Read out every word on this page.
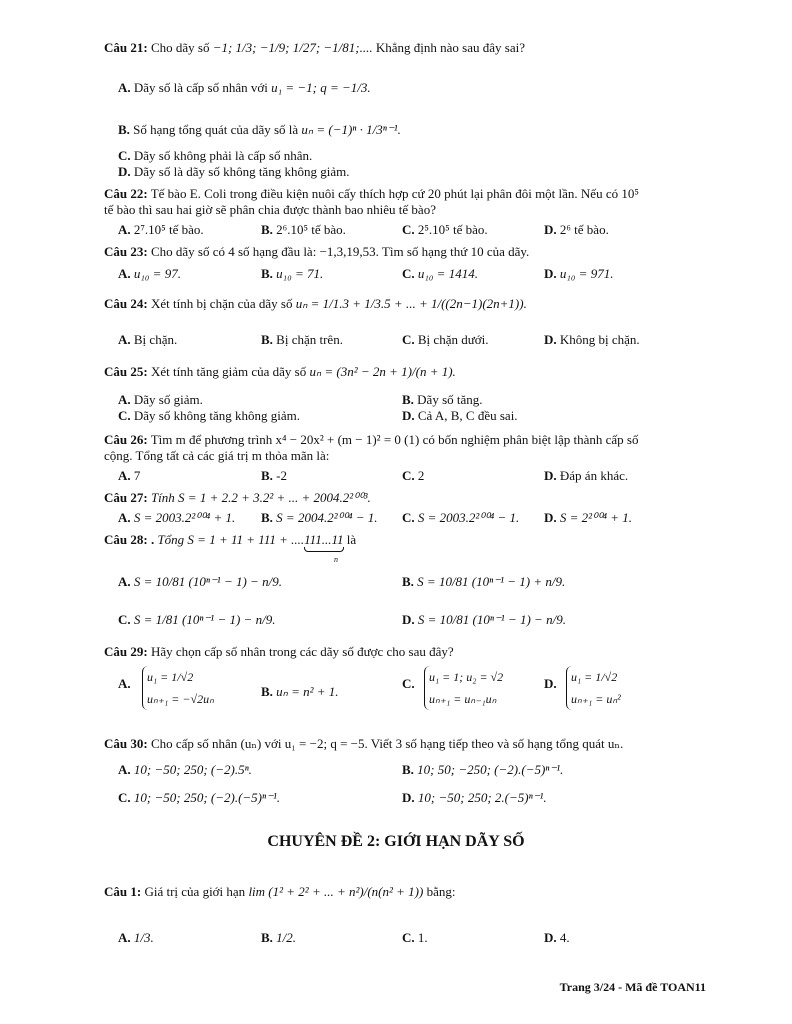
Câu 21: Cho dãy số −1; 1/3; −1/9; 1/27; −1/81;.... Khẳng định nào sau đây sai?
A. Dãy số là cấp số nhân với u₁ = −1; q = −1/3.
B. Số hạng tổng quát của dãy số là uₙ = (−1)ⁿ · 1/3ⁿ⁻¹.
C. Dãy số không phải là cấp số nhân.
D. Dãy số là dãy số không tăng không giảm.
Câu 22: Tế bào E. Coli trong điều kiện nuôi cấy thích hợp cứ 20 phút lại phân đôi một lần. Nếu có 10⁵
tế bào thì sau hai giờ sẽ phân chia được thành bao nhiêu tế bào?
A. 2⁷.10⁵ tế bào.	B. 2⁶.10⁵ tế bào.	C. 2⁵.10⁵ tế bào.	D. 2⁶ tế bào.
Câu 23: Cho dãy số có 4 số hạng đầu là: −1,3,19,53. Tìm số hạng thứ 10 của dãy.
A. u₁₀ = 97.	B. u₁₀ = 71.	C. u₁₀ = 1414.	D. u₁₀ = 971.
Câu 24: Xét tính bị chặn của dãy số uₙ = 1/1.3 + 1/3.5 + ... + 1/((2n−1)(2n+1)).
A. Bị chặn.	B. Bị chặn trên.	C. Bị chặn dưới.	D. Không bị chặn.
Câu 25: Xét tính tăng giảm của dãy số uₙ = (3n² − 2n + 1)/(n + 1).
A. Dãy số giảm.	B. Dãy số tăng.
C. Dãy số không tăng không giảm.	D. Cả A, B, C đều sai.
Câu 26: Tìm m để phương trình x⁴ − 20x² + (m − 1)² = 0 (1) có bốn nghiệm phân biệt lập thành cấp số
cộng. Tổng tất cả các giá trị m thỏa mãn là:
A. 7	B. -2	C. 2	D. Đáp án khác.
Câu 27: Tính S = 1 + 2.2 + 3.2² + ... + 2004.2²⁰⁰³.
A. S = 2003.2²⁰⁰⁴ + 1. B. S = 2004.2²⁰⁰⁴ − 1. C. S = 2003.2²⁰⁰⁴ − 1. D. S = 2²⁰⁰⁴ + 1.
Câu 28: . Tổng S = 1 + 11 + 111 + ....111...11 là
n
A. S = 10/81 (10ⁿ⁻¹ − 1) − n/9.	B. S = 10/81 (10ⁿ⁻¹ − 1) + n/9.
C. S = 1/81 (10ⁿ⁻¹ − 1) − n/9.	D. S = 10/81 (10ⁿ⁻¹ − 1) − n/9.
Câu 29: Hãy chọn cấp số nhân trong các dãy số được cho sau đây?
A.	u₁ = 1/√2
uₙ₊₁ = −√2uₙ	B. uₙ = n² + 1.
C.	u₁ = 1; u₂ = √2
uₙ₊₁ = uₙ₋₁uₙ
D.	u₁ = 1/√2
uₙ₊₁ = uₙ²
Câu 30: Cho cấp số nhân (uₙ) với u₁ = −2; q = −5. Viết 3 số hạng tiếp theo và số hạng tổng quát uₙ.
A. 10; −50; 250; (−2).5ⁿ.	B. 10; 50; −250; (−2).(−5)ⁿ⁻¹.
C. 10; −50; 250; (−2).(−5)ⁿ⁻¹.	D. 10; −50; 250; 2.(−5)ⁿ⁻¹.
CHUYÊN ĐỀ 2: GIỚI HẠN DÃY SỐ
Câu 1: Giá trị của giới hạn lim (1² + 2² + ... + n²)/(n(n² + 1)) bằng:
A. 1/3.	B. 1/2.	C. 1.	D. 4.
Trang 3/24 - Mã đề TOAN11
